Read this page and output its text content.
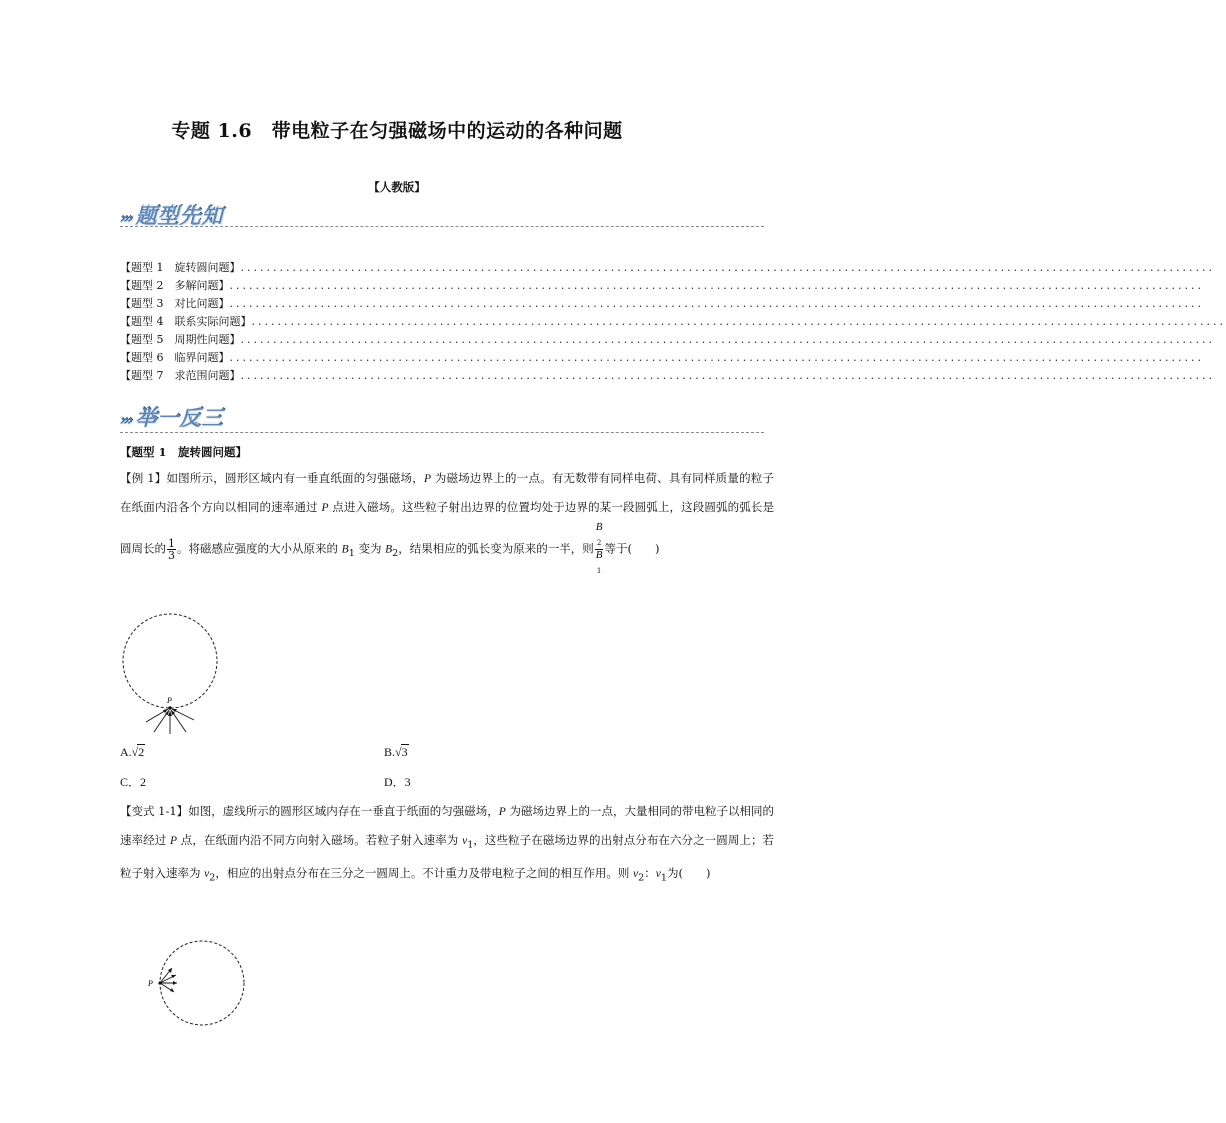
专题 1.6　带电粒子在匀强磁场中的运动的各种问题
【人教版】
››› 题型先知
【题型 1　旋转圆问题】 ......................................................................................................................................................
【题型 2　多解问题】 ......................................................................................................................................................
【题型 3　对比问题】 ......................................................................................................................................................
【题型 4　联系实际问题】 ......................................................................................................................................................
【题型 5　周期性问题】 ......................................................................................................................................................
【题型 6　临界问题】 ......................................................................................................................................................
【题型 7　求范围问题】 ......................................................................................................................................................
››› 举一反三
【题型 1　旋转圆问题】
【例 1】如图所示，圆形区域内有一垂直纸面的匀强磁场，P 为磁场边界上的一点。有无数带有同样电荷、具有同样质量的粒子在纸面内沿各个方向以相同的速率通过 P 点进入磁场。这些粒子射出边界的位置均处于边界的某一段圆弧上，这段圆弧的弧长是圆周长的 $\frac{1}{3}$ 。将磁感应强度的大小从原来的 $B_1$ 变为 $B_2$，结果相应的弧长变为原来的一半，则 B
$_2$
B
$_1$ 等于(　　)
P
A.√2	B.√3
C．2	D．3
【变式 1-1】如图，虚线所示的圆形区域内存在一垂直于纸面的匀强磁场，P 为磁场边界上的一点，大量相同的带电粒子以相同的速率经过 P 点，在纸面内沿不同方向射入磁场。若粒子射入速率为 $v_1$，这些粒子在磁场边界的出射点分布在六分之一圆周上；若粒子射入速率为 $v_2$，相应的出射点分布在三分之一圆周上。不计重力及带电粒子之间的相互作用。则 $v_2$：$v_1$为(　　)
P
